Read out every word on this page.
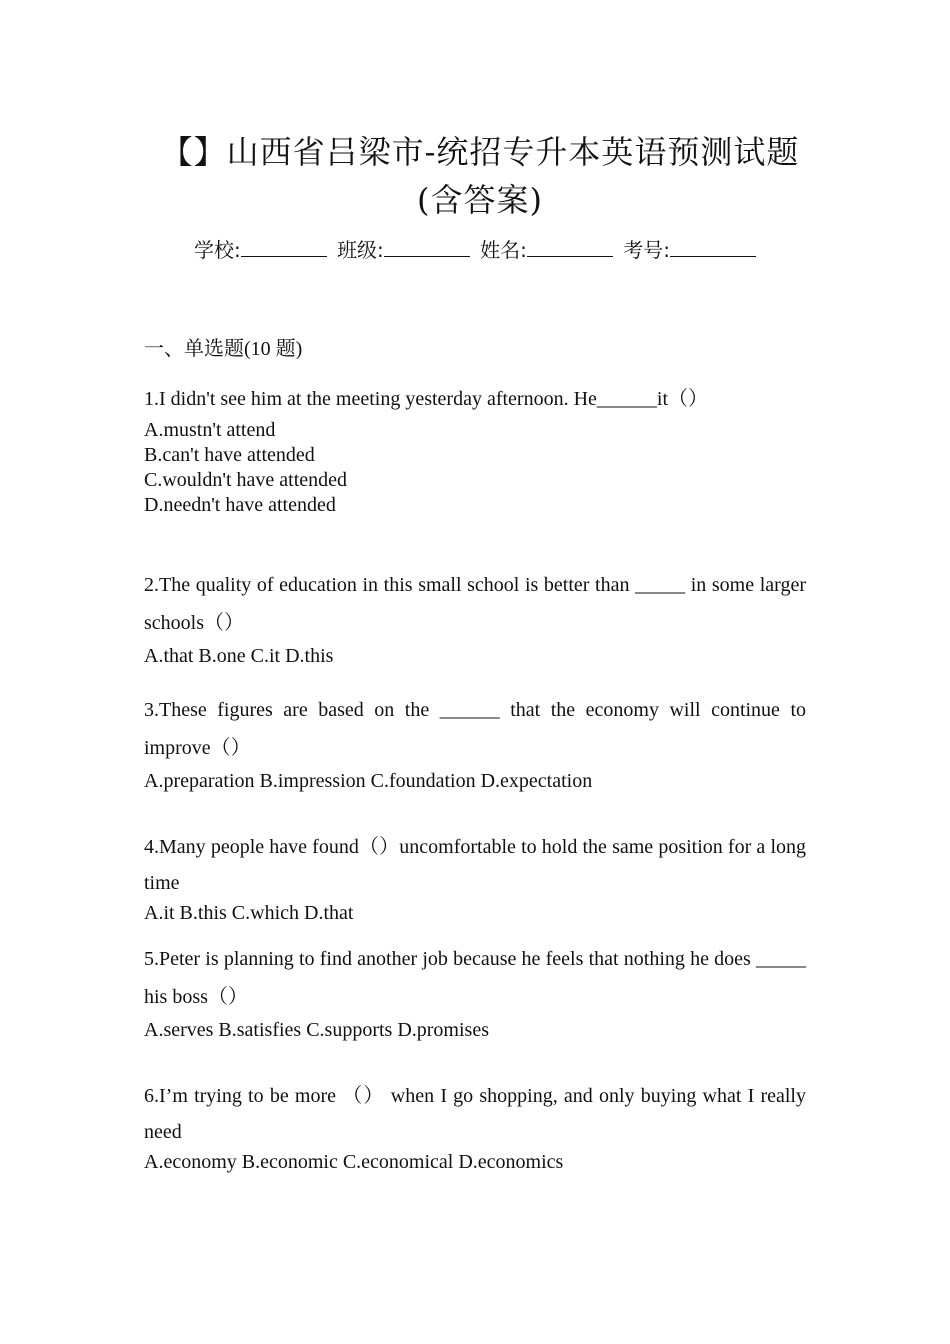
【】山西省吕梁市-统招专升本英语预测试题(含答案)
学校:	班级:	姓名:	考号:
一、单选题(10 题)
1.I didn't see him at the meeting yesterday afternoon. He______it（）
A.mustn't attend
B.can't have attended
C.wouldn't have attended
D.needn't have attended
2.The quality of education in this small school is better than _____ in some larger schools（）
A.that B.one C.it D.this
3.These figures are based on the ______ that the economy will continue to improve（）
A.preparation B.impression C.foundation D.expectation
4.Many people have found（）uncomfortable to hold the same position for a long time
A.it B.this C.which D.that
5.Peter is planning to find another job because he feels that nothing he does _____ his boss（）
A.serves B.satisfies C.supports D.promises
6.I’m trying to be more （） when I go shopping, and only buying what I really need
A.economy B.economic C.economical D.economics
